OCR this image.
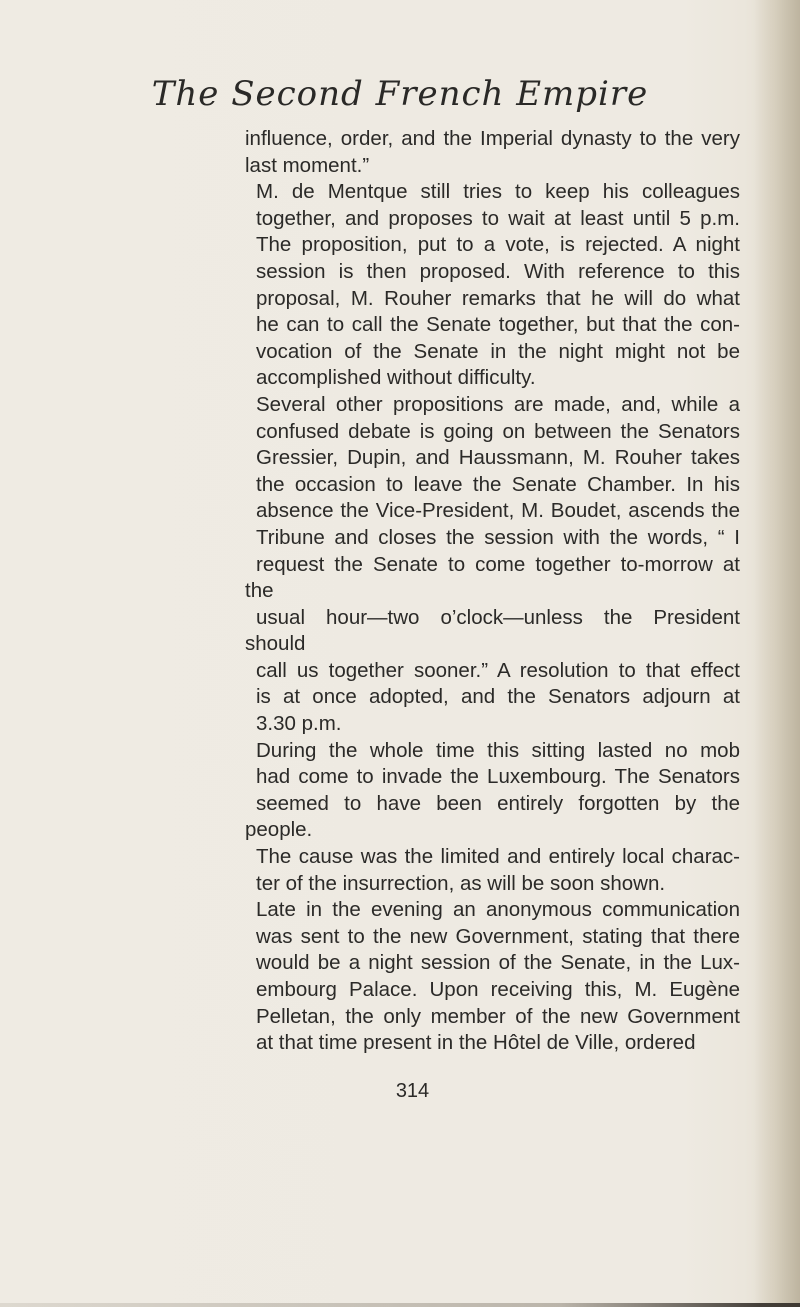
The Second French Empire

influence, order, and the Imperial dynasty to the very
last moment.”

M. de Mentque still tries to keep his colleagues
together, and proposes to wait at least until 5 p.m.
The proposition, put to a vote, is rejected. A night
session is then proposed. With reference to this
proposal, M. Rouher remarks that he will do what
he can to call the Senate together, but that the con-
vocation of the Senate in the night might not be
accomplished without difficulty.

Several other propositions are made, and, while a
confused debate is going on between the Senators
Gressier, Dupin, and Haussmann, M. Rouher takes
the occasion to leave the Senate Chamber. In his
absence the Vice-President, M. Boudet, ascends the
Tribune and closes the session with the words, “ I
request the Senate to come together to-morrow at the
usual hour—two o’clock—unless the President should
call us together sooner.” A resolution to that effect
is at once adopted, and the Senators adjourn at
3.30 p.m.

During the whole time this sitting lasted no mob
had come to invade the Luxembourg. The Senators
seemed to have been entirely forgotten by the people.
The cause was the limited and entirely local charac-
ter of the insurrection, as will be soon shown.

Late in the evening an anonymous communication
was sent to the new Government, stating that there
would be a night session of the Senate, in the Lux-
embourg Palace. Upon receiving this, M. Eugène
Pelletan, the only member of the new Government
at that time present in the Hôtel de Ville, ordered

314
